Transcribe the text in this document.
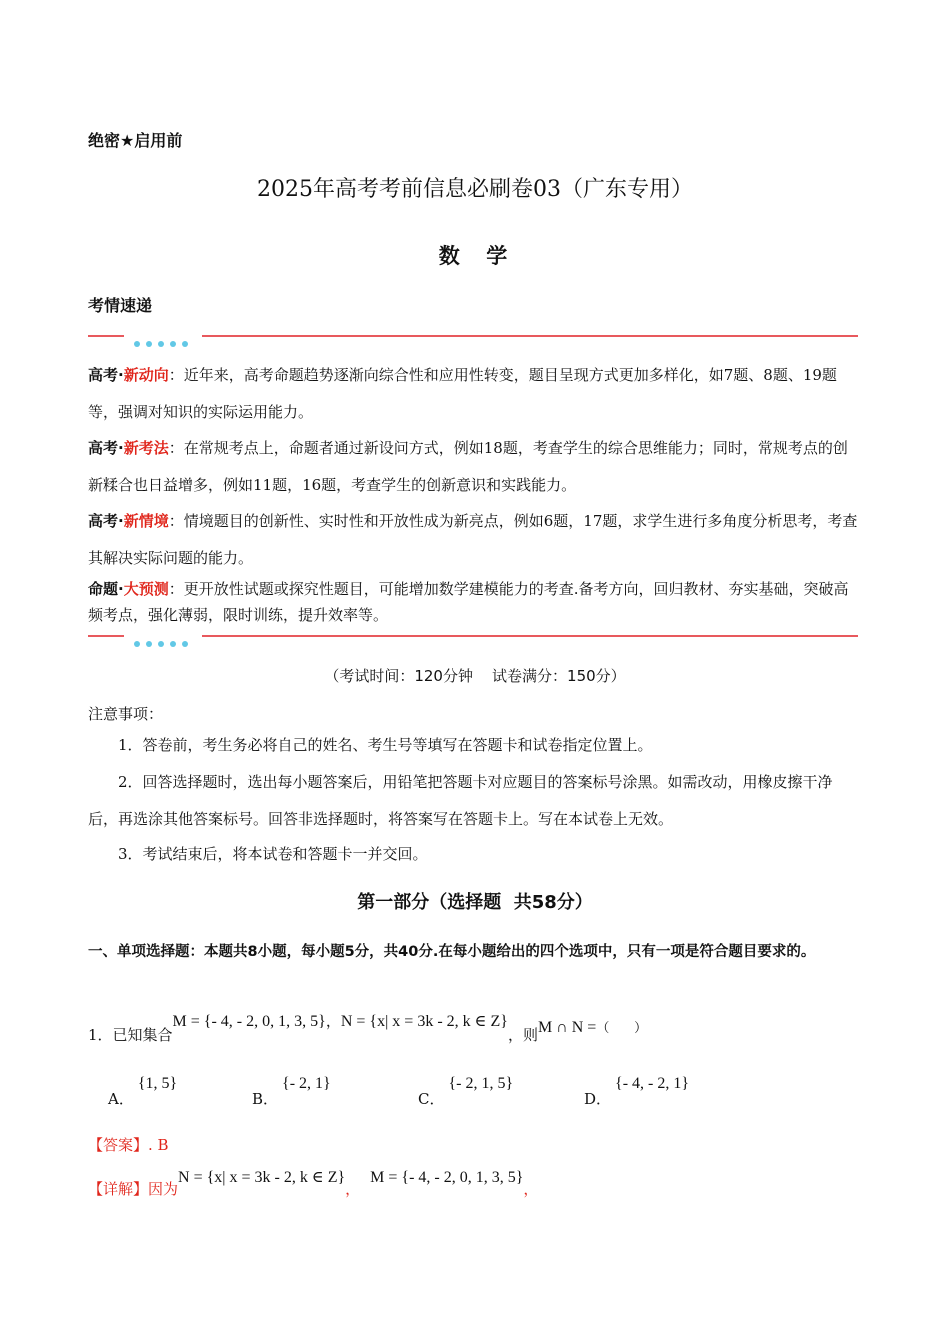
绝密★启用前
2025年高考考前信息必刷卷03（广东专用）
数  学
考情速递
高考·新动向：近年来，高考命题趋势逐渐向综合性和应用性转变，题目呈现方式更加多样化，如7题、8题、19题等，强调对知识的实际运用能力。
高考·新考法：在常规考点上，命题者通过新设问方式，例如18题，考查学生的综合思维能力；同时，常规考点的创新糅合也日益增多，例如11题，16题，考查学生的创新意识和实践能力。
高考·新情境：情境题目的创新性、实时性和开放性成为新亮点，例如6题，17题，求学生进行多角度分析思考，考查其解决实际问题的能力。
命题·大预测：更开放性试题或探究性题目，可能增加数学建模能力的考查.备考方向，回归教材、夯实基础，突破高频考点，强化薄弱，限时训练，提升效率等。
（考试时间：120分钟    试卷满分：150分）
注意事项：
1．答卷前，考生务必将自己的姓名、考生号等填写在答题卡和试卷指定位置上。
2．回答选择题时，选出每小题答案后，用铅笔把答题卡对应题目的答案标号涂黑。如需改动，用橡皮擦干净后，再选涂其他答案标号。回答非选择题时，将答案写在答题卡上。写在本试卷上无效。
3．考试结束后，将本试卷和答题卡一并交回。
第一部分（选择题  共58分）
一、单项选择题：本题共8小题，每小题5分，共40分.在每小题给出的四个选项中，只有一项是符合题目要求的。
1．已知集合M = {- 4, - 2, 0, 1, 3, 5}，N = {x| x = 3k - 2, k ∈ Z}，则M ∩ N =（      ）
A．{1, 5}
B．{- 2, 1}
C．{- 2, 1, 5}
D．{- 4, - 2, 1}
【答案】. B
【详解】因为N = {x| x = 3k - 2, k ∈ Z}，M = {- 4, - 2, 0, 1, 3, 5}，
